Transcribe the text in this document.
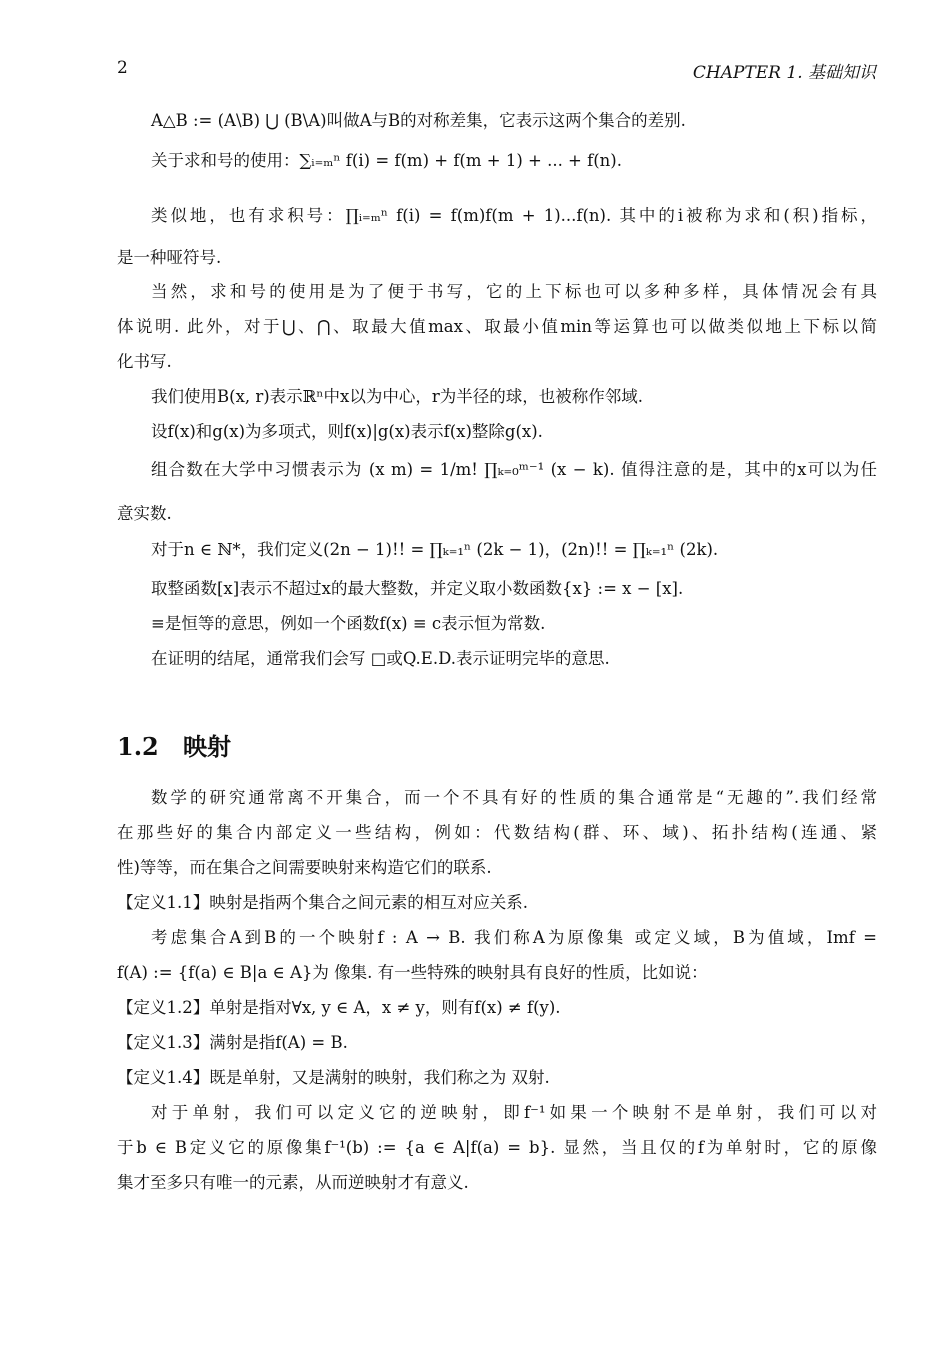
2	CHAPTER 1. 基础知识
A△B := (A\B) ⋃ (B\A)叫做A与B的对称差集，它表示这两个集合的差别.
关于求和号的使用：∑ᵢ₌ₘⁿ f(i) = f(m) + f(m + 1) + ... + f(n).
类似地，也有求积号：∏ᵢ₌ₘⁿ f(i) = f(m)f(m + 1)...f(n). 其中的i被称为求和(积)指标，
是一种哑符号.
当然，求和号的使用是为了便于书写，它的上下标也可以多种多样，具体情况会有具
体说明. 此外，对于⋃、⋂、取最大值max、取最小值min等运算也可以做类似地上下标以简
化书写.
我们使用B(x, r)表示ℝⁿ中x以为中心，r为半径的球，也被称作邻域.
设f(x)和g(x)为多项式，则f(x)|g(x)表示f(x)整除g(x).
组合数在大学中习惯表示为 (x m) = 1/m! ∏ₖ₌₀ᵐ⁻¹ (x − k). 值得注意的是，其中的x可以为任
意实数.
对于n ∈ ℕ*，我们定义(2n − 1)!! = ∏ₖ₌₁ⁿ (2k − 1)，(2n)!! = ∏ₖ₌₁ⁿ (2k).
取整函数[x]表示不超过x的最大整数，并定义取小数函数{x} := x − [x].
≡是恒等的意思，例如一个函数f(x) ≡ c表示恒为常数.
在证明的结尾，通常我们会写 □或Q.E.D.表示证明完毕的意思.
1.2 映射
数学的研究通常离不开集合，而一个不具有好的性质的集合通常是“无趣的”.我们经常
在那些好的集合内部定义一些结构，例如：代数结构(群、环、域)、拓扑结构(连通、紧
性)等等，而在集合之间需要映射来构造它们的联系.
【定义1.1】映射是指两个集合之间元素的相互对应关系.
考虑集合A到B的一个映射f : A → B. 我们称A为原像集 或定义域，B为值域，Imf =
f(A) := {f(a) ∈ B|a ∈ A}为 像集. 有一些特殊的映射具有良好的性质，比如说：
【定义1.2】单射是指对∀x, y ∈ A，x ≠ y，则有f(x) ≠ f(y).
【定义1.3】满射是指f(A) = B.
【定义1.4】既是单射，又是满射的映射，我们称之为 双射.
对于单射，我们可以定义它的逆映射，即f⁻¹如果一个映射不是单射，我们可以对
于b ∈ B定义它的原像集f⁻¹(b) := {a ∈ A|f(a) = b}. 显然，当且仅的f为单射时，它的原像
集才至多只有唯一的元素，从而逆映射才有意义.
